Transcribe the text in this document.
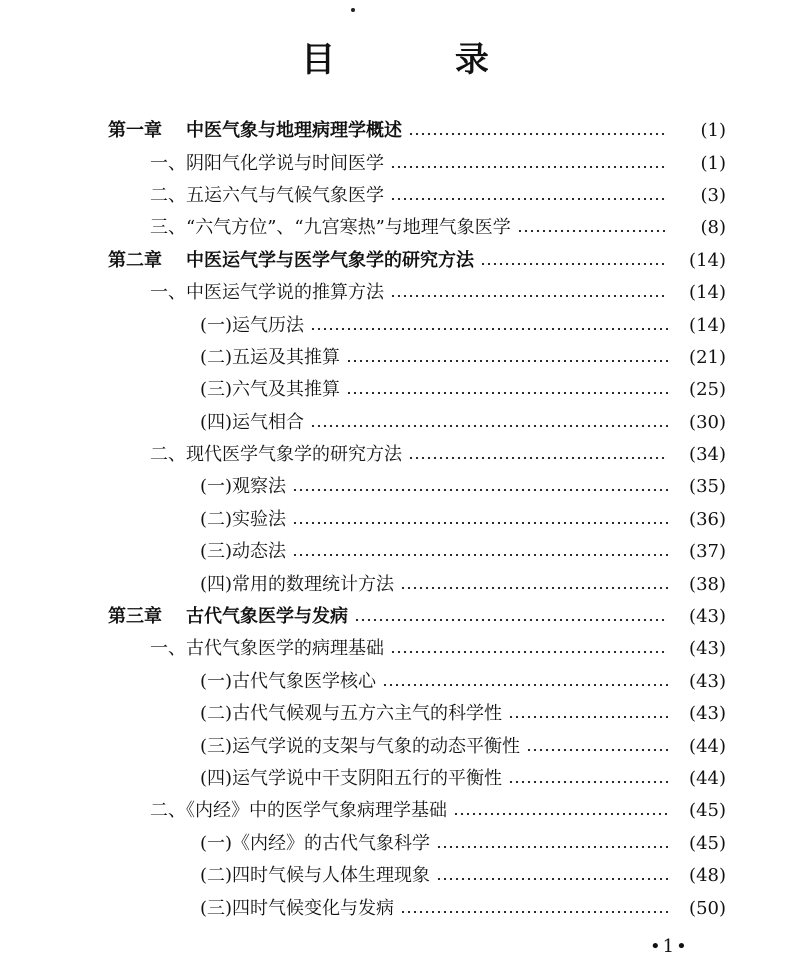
目 录
第一章 中医气象与地理病理学概述	(1)
一、阴阳气化学说与时间医学	(1)
二、五运六气与气候气象医学	(3)
三、“六气方位”、“九宫寒热”与地理气象医学	(8)
第二章 中医运气学与医学气象学的研究方法	(14)
一、中医运气学说的推算方法	(14)
(一)运气历法	(14)
(二)五运及其推算	(21)
(三)六气及其推算	(25)
(四)运气相合	(30)
二、现代医学气象学的研究方法	(34)
(一)观察法	(35)
(二)实验法	(36)
(三)动态法	(37)
(四)常用的数理统计方法	(38)
第三章 古代气象医学与发病	(43)
一、古代气象医学的病理基础	(43)
(一)古代气象医学核心	(43)
(二)古代气候观与五方六主气的科学性	(43)
(三)运气学说的支架与气象的动态平衡性	(44)
(四)运气学说中干支阴阳五行的平衡性	(44)
二、《内经》中的医学气象病理学基础	(45)
(一)《内经》的古代气象科学	(45)
(二)四时气候与人体生理现象	(48)
(三)四时气候变化与发病	(50)
•1•
